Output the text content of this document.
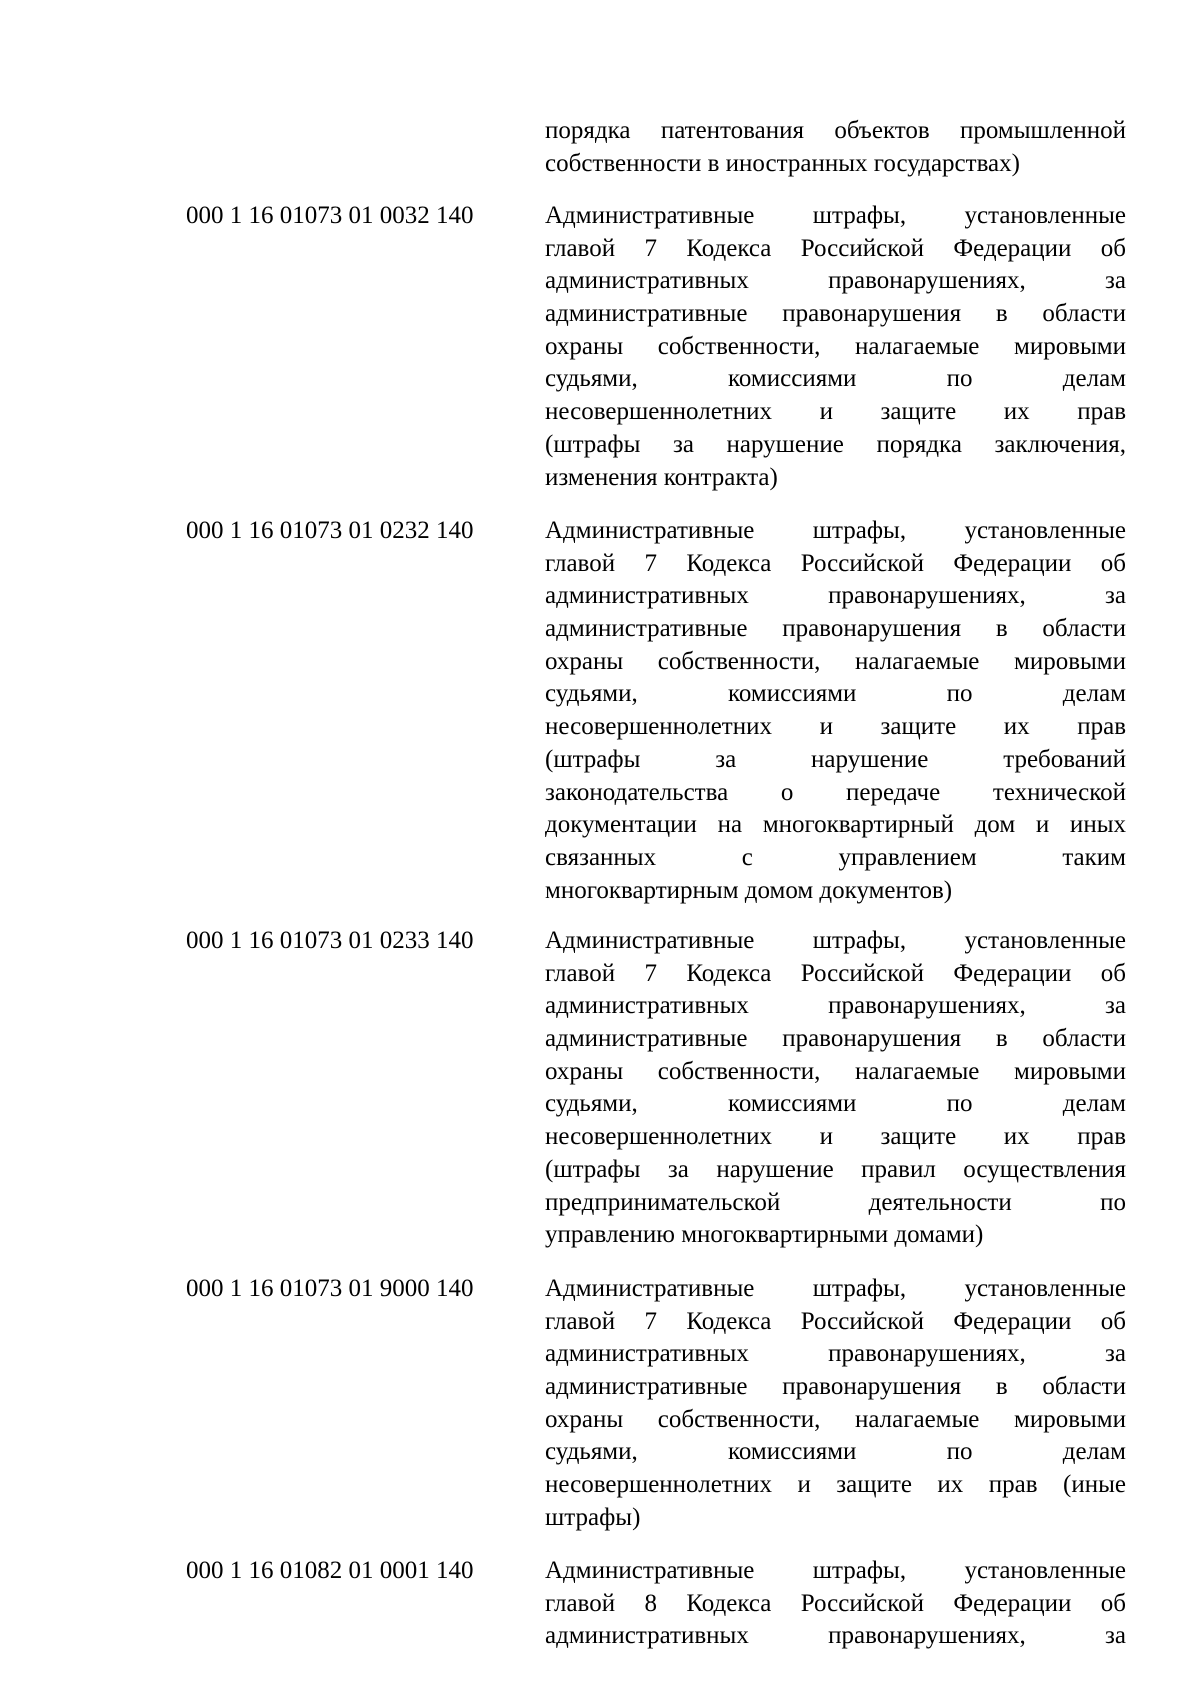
порядка патентования объектов промышленной
собственности в иностранных государствах)
000 1 16 01073 01 0032 140	Административные штрафы, установленные
главой 7 Кодекса Российской Федерации об
административных правонарушениях, за
административные правонарушения в области
охраны собственности, налагаемые мировыми
судьями, комиссиями по делам
несовершеннолетних и защите их прав
(штрафы за нарушение порядка заключения,
изменения контракта)
000 1 16 01073 01 0232 140	Административные штрафы, установленные
главой 7 Кодекса Российской Федерации об
административных правонарушениях, за
административные правонарушения в области
охраны собственности, налагаемые мировыми
судьями, комиссиями по делам
несовершеннолетних и защите их прав
(штрафы за нарушение требований
законодательства о передаче технической
документации на многоквартирный дом и иных
связанных с управлением таким
многоквартирным домом документов)
000 1 16 01073 01 0233 140	Административные штрафы, установленные
главой 7 Кодекса Российской Федерации об
административных правонарушениях, за
административные правонарушения в области
охраны собственности, налагаемые мировыми
судьями, комиссиями по делам
несовершеннолетних и защите их прав
(штрафы за нарушение правил осуществления
предпринимательской деятельности по
управлению многоквартирными домами)
000 1 16 01073 01 9000 140	Административные штрафы, установленные
главой 7 Кодекса Российской Федерации об
административных правонарушениях, за
административные правонарушения в области
охраны собственности, налагаемые мировыми
судьями, комиссиями по делам
несовершеннолетних и защите их прав (иные
штрафы)
000 1 16 01082 01 0001 140	Административные штрафы, установленные
главой 8 Кодекса Российской Федерации об
административных правонарушениях, за
